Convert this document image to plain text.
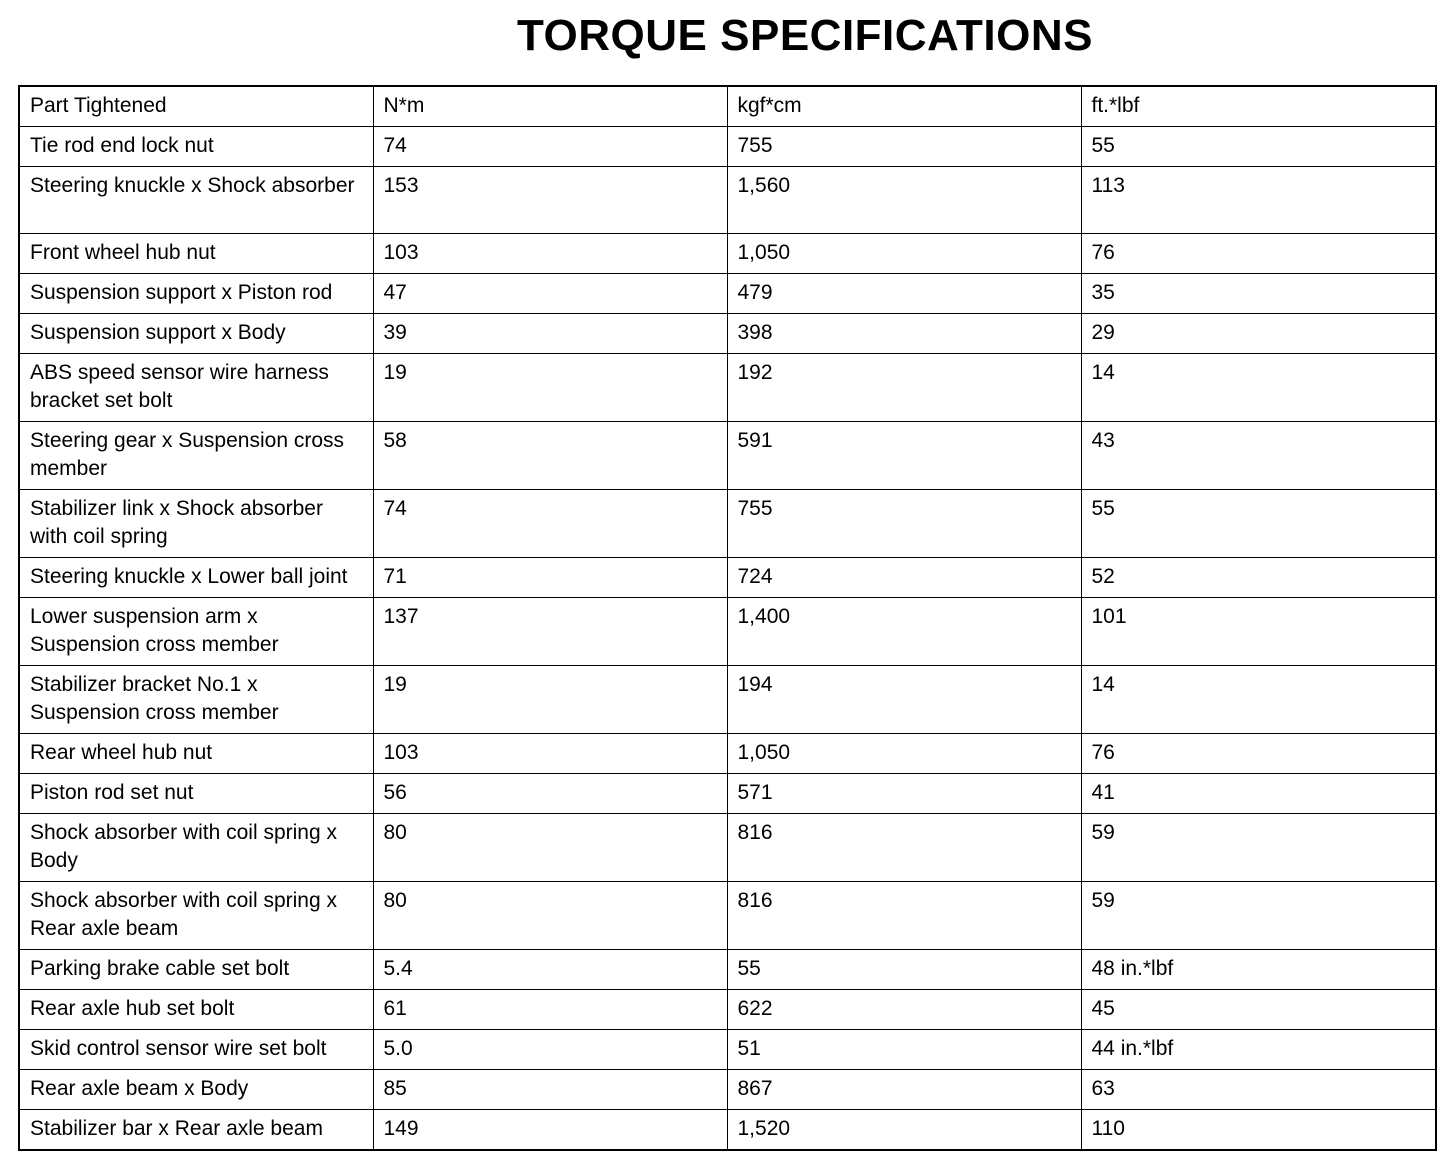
TORQUE SPECIFICATIONS
Part Tightened	N*m	kgf*cm	ft.*lbf
Tie rod end lock nut	74	755	55
Steering knuckle x Shock absorber	153	1,560	113
Front wheel hub nut	103	1,050	76
Suspension support x Piston rod	47	479	35
Suspension support x Body	39	398	29
ABS speed sensor wire harness bracket set bolt	19	192	14
Steering gear x Suspension cross member	58	591	43
Stabilizer link x Shock absorber with coil spring	74	755	55
Steering knuckle x Lower ball joint	71	724	52
Lower suspension arm x Suspension cross member	137	1,400	101
Stabilizer bracket No.1 x Suspension cross member	19	194	14
Rear wheel hub nut	103	1,050	76
Piston rod set nut	56	571	41
Shock absorber with coil spring x Body	80	816	59
Shock absorber with coil spring x Rear axle beam	80	816	59
Parking brake cable set bolt	5.4	55	48 in.*lbf
Rear axle hub set bolt	61	622	45
Skid control sensor wire set bolt	5.0	51	44 in.*lbf
Rear axle beam x Body	85	867	63
Stabilizer bar x Rear axle beam	149	1,520	110
